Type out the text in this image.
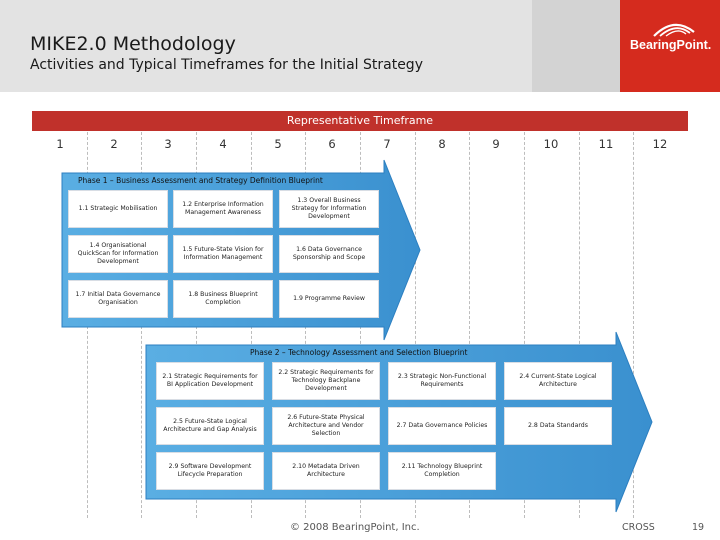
BearingPoint.
MIKE2.0 Methodology
Activities and Typical Timeframes for the Initial Strategy
Representative Timeframe
1	2	3	4	5	6	7	8	9	10	11	12
Phase 1 – Business Assessment and Strategy Definition Blueprint
Phase 2 – Technology Assessment and Selection Blueprint
1.1 Strategic Mobilisation
1.2 Enterprise Information Management Awareness
1.3 Overall Business Strategy for Information Development
1.4 Organisational QuickScan for Information Development
1.5 Future-State Vision for Information Management
1.6 Data Governance Sponsorship and Scope
1.7 Initial Data Governance Organisation
1.8 Business Blueprint Completion
1.9 Programme Review
2.1 Strategic Requirements for BI Application Development
2.2 Strategic Requirements for Technology Backplane Development
2.3 Strategic Non-Functional Requirements
2.4 Current-State Logical Architecture
2.5 Future-State Logical Architecture and Gap Analysis
2.6 Future-State Physical Architecture and Vendor Selection
2.7 Data Governance Policies	2.8 Data Standards
2.9 Software Development Lifecycle Preparation
2.10 Metadata Driven Architecture
2.11 Technology Blueprint Completion
© 2008 BearingPoint, Inc.	CROSS	19
